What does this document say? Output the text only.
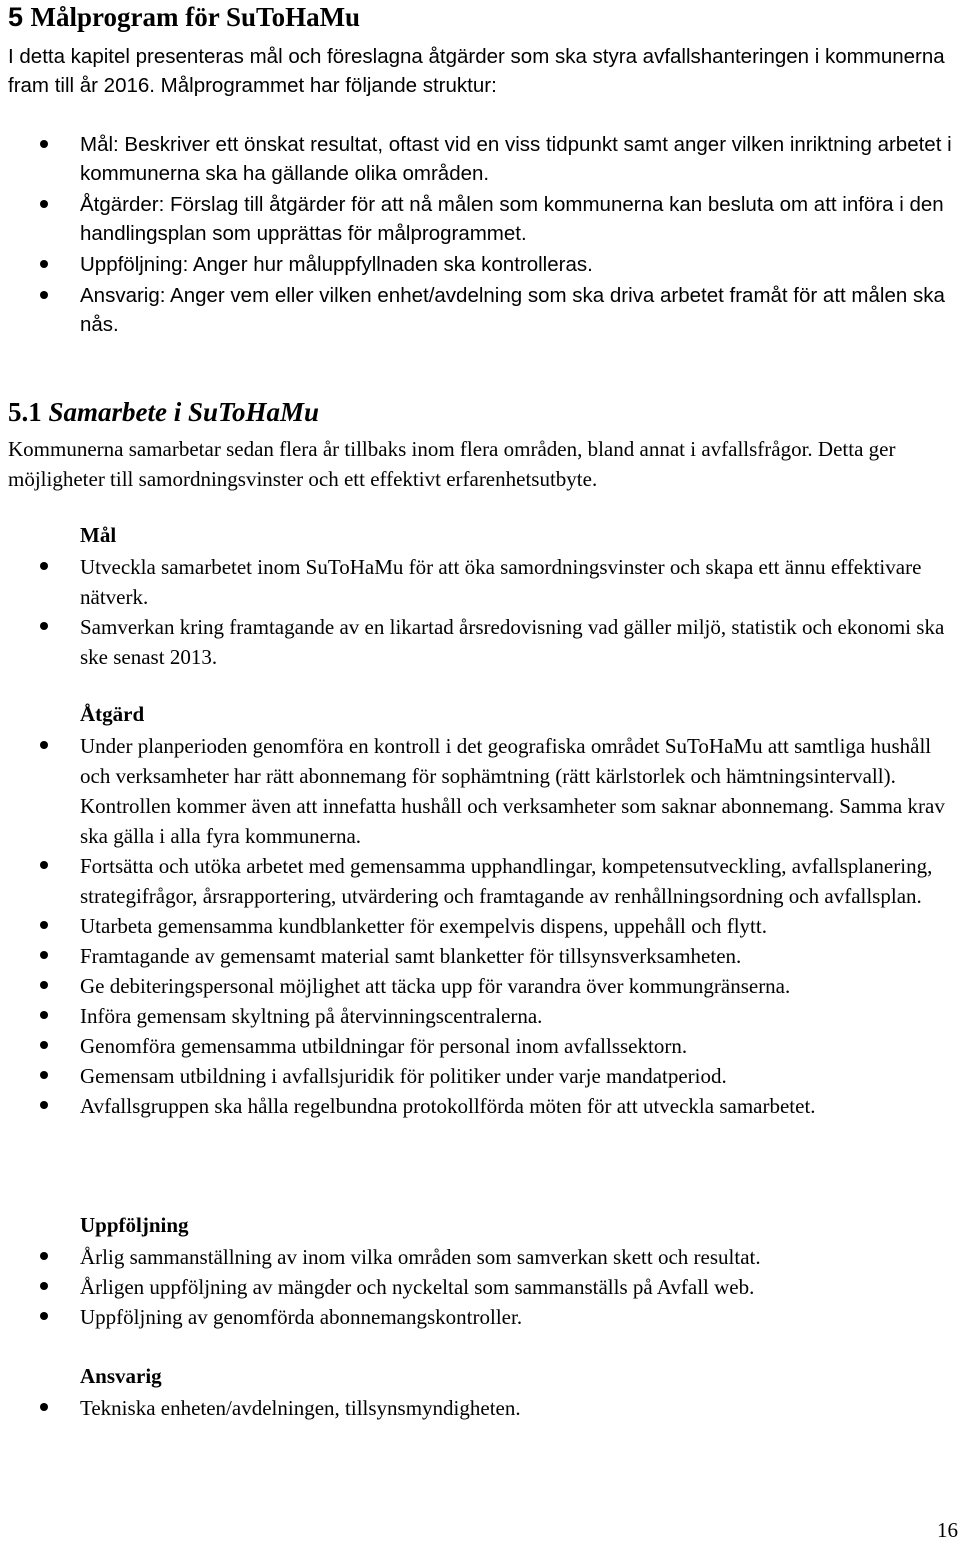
5 Målprogram för SuToHaMu

I detta kapitel presenteras mål och föreslagna åtgärder som ska styra avfallshanteringen i kommunerna fram till år 2016. Målprogrammet har följande struktur:

Mål: Beskriver ett önskat resultat, oftast vid en viss tidpunkt samt anger vilken inriktning arbetet i kommunerna ska ha gällande olika områden.
Åtgärder: Förslag till åtgärder för att nå målen som kommunerna kan besluta om att införa i den handlingsplan som upprättas för målprogrammet.
Uppföljning: Anger hur måluppfyllnaden ska kontrolleras.
Ansvarig: Anger vem eller vilken enhet/avdelning som ska driva arbetet framåt för att målen ska nås.
5.1 Samarbete i SuToHaMu

Kommunerna samarbetar sedan flera år tillbaks inom flera områden, bland annat i avfallsfrågor. Detta ger möjligheter till samordningsvinster och ett effektivt erfarenhetsutbyte.

Mål

Utveckla samarbetet inom SuToHaMu för att öka samordningsvinster och skapa ett ännu effektivare nätverk.
Samverkan kring framtagande av en likartad årsredovisning vad gäller miljö, statistik och ekonomi ska ske senast 2013.

Åtgärd

Under planperioden genomföra en kontroll i det geografiska området SuToHaMu att samtliga hushåll och verksamheter har rätt abonnemang för sophämtning (rätt kärlstorlek och hämtningsintervall). Kontrollen kommer även att innefatta hushåll och verksamheter som saknar abonnemang. Samma krav ska gälla i alla fyra kommunerna.
Fortsätta och utöka arbetet med gemensamma upphandlingar, kompetensutveckling, avfallsplanering, strategifrågor, årsrapportering, utvärdering och framtagande av renhållningsordning och avfallsplan.
Utarbeta gemensamma kundblanketter för exempelvis dispens, uppehåll och flytt.
Framtagande av gemensamt material samt blanketter för tillsynsverksamheten.
Ge debiteringspersonal möjlighet att täcka upp för varandra över kommungränserna.
Införa gemensam skyltning på återvinningscentralerna.
Genomföra gemensamma utbildningar för personal inom avfallssektorn.
Gemensam utbildning i avfallsjuridik för politiker under varje mandatperiod.
Avfallsgruppen ska hålla regelbundna protokollförda möten för att utveckla samarbetet.

Uppföljning

Årlig sammanställning av inom vilka områden som samverkan skett och resultat.
Årligen uppföljning av mängder och nyckeltal som sammanställs på Avfall web.
Uppföljning av genomförda abonnemangskontroller.

Ansvarig

Tekniska enheten/avdelningen, tillsynsmyndigheten.
16
